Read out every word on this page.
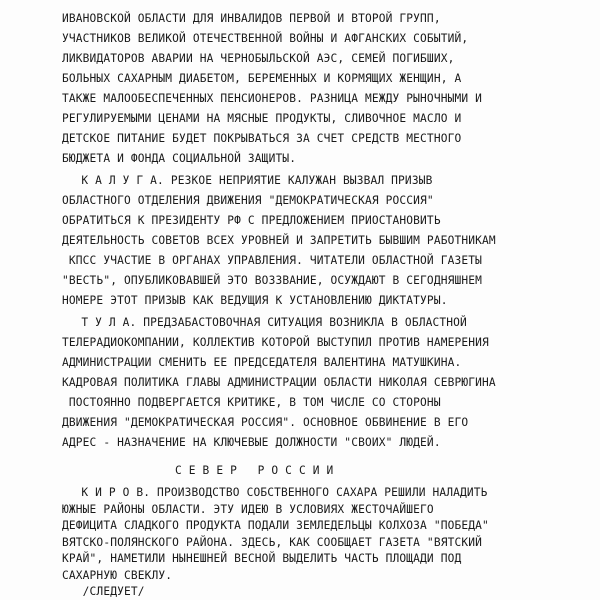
ИВАНОВСКОЙ ОБЛАСТИ ДЛЯ ИНВАЛИДОВ ПЕРВОЙ И ВТОРОЙ ГРУПП,
УЧАСТНИКОВ ВЕЛИКОЙ ОТЕЧЕСТВЕННОЙ ВОЙНЫ И АФГАНСКИХ СОБЫТИЙ,
ЛИКВИДАТОРОВ АВАРИИ НА ЧЕРНОБЫЛЬСКОЙ АЭС, СЕМЕЙ ПОГИБШИХ,
БОЛЬНЫХ САХАРНЫМ ДИАБЕТОМ, БЕРЕМЕННЫХ И КОРМЯЩИХ ЖЕНЩИН, А
ТАКЖЕ МАЛООБЕСПЕЧЕННЫХ ПЕНСИОНЕРОВ. РАЗНИЦА МЕЖДУ РЫНОЧНЫМИ И
РЕГУЛИРУЕМЫМИ ЦЕНАМИ НА МЯСНЫЕ ПРОДУКТЫ, СЛИВОЧНОЕ МАСЛО И
ДЕТСКОЕ ПИТАНИЕ БУДЕТ ПОКРЫВАТЬСЯ ЗА СЧЕТ СРЕДСТВ МЕСТНОГО
БЮДЖЕТА И ФОНДА СОЦИАЛЬНОЙ ЗАЩИТЫ.
К А Л У Г А. РЕЗКОЕ НЕПРИЯТИЕ КАЛУЖАН ВЫЗВАЛ ПРИЗЫВ
ОБЛАСТНОГО ОТДЕЛЕНИЯ ДВИЖЕНИЯ "ДЕМОКРАТИЧЕСКАЯ РОССИЯ"
ОБРАТИТЬСЯ К ПРЕЗИДЕНТУ РФ С ПРЕДЛОЖЕНИЕМ ПРИОСТАНОВИТЬ
ДЕЯТЕЛЬНОСТЬ СОВЕТОВ ВСЕХ УРОВНЕЙ И ЗАПРЕТИТЬ БЫВШИМ РАБОТНИКАМ
КПСС УЧАСТИЕ В ОРГАНАХ УПРАВЛЕНИЯ. ЧИТАТЕЛИ ОБЛАСТНОЙ ГАЗЕТЫ
"ВЕСТЬ", ОПУБЛИКОВАВШЕЙ ЭТО ВОЗЗВАНИЕ, ОСУЖДАЮТ В СЕГОДНЯШНЕМ
НОМЕРЕ ЭТОТ ПРИЗЫВ КАК ВЕДУЩИЯ К УСТАНОВЛЕНИЮ ДИКТАТУРЫ.
Т У Л А. ПРЕДЗАБАСТОВОЧНАЯ СИТУАЦИЯ ВОЗНИКЛА В ОБЛАСТНОЙ
ТЕЛЕРАДИОКОМПАНИИ, КОЛЛЕКТИВ КОТОРОЙ ВЫСТУПИЛ ПРОТИВ НАМЕРЕНИЯ
АДМИНИСТРАЦИИ СМЕНИТЬ ЕЕ ПРЕДСЕДАТЕЛЯ ВАЛЕНТИНА МАТУШКИНА.
КАДРОВАЯ ПОЛИТИКА ГЛАВЫ АДМИНИСТРАЦИИ ОБЛАСТИ НИКОЛАЯ СЕВРЮГИНА
ПОСТОЯННО ПОДВЕРГАЕТСЯ КРИТИКЕ, В ТОМ ЧИСЛЕ СО СТОРОНЫ
ДВИЖЕНИЯ "ДЕМОКРАТИЧЕСКАЯ РОССИЯ". ОСНОВНОЕ ОБВИНЕНИЕ В ЕГО
АДРЕС - НАЗНАЧЕНИЕ НА КЛЮЧЕВЫЕ ДОЛЖНОСТИ "СВОИХ" ЛЮДЕЙ.
С Е В Е Р   Р О С С И И
К И Р О В. ПРОИЗВОДСТВО СОБСТВЕННОГО САХАРА РЕШИЛИ НАЛАДИТЬ
ЮЖНЫЕ РАЙОНЫ ОБЛАСТИ. ЭТУ ИДЕЮ В УСЛОВИЯХ ЖЕСТОЧАЙШЕГО
ДЕФИЦИТА СЛАДКОГО ПРОДУКТА ПОДАЛИ ЗЕМЛЕДЕЛЬЦЫ КОЛХОЗА "ПОБЕДА"
ВЯТСКО-ПОЛЯНСКОГО РАЙОНА. ЗДЕСЬ, КАК СООБЩАЕТ ГАЗЕТА "ВЯТСКИЙ
КРАЙ", НАМЕТИЛИ НЫНЕШНЕЙ ВЕСНОЙ ВЫДЕЛИТЬ ЧАСТЬ ПЛОЩАДИ ПОД
САХАРНУЮ СВЕКЛУ.
/СЛЕДУЕТ/
